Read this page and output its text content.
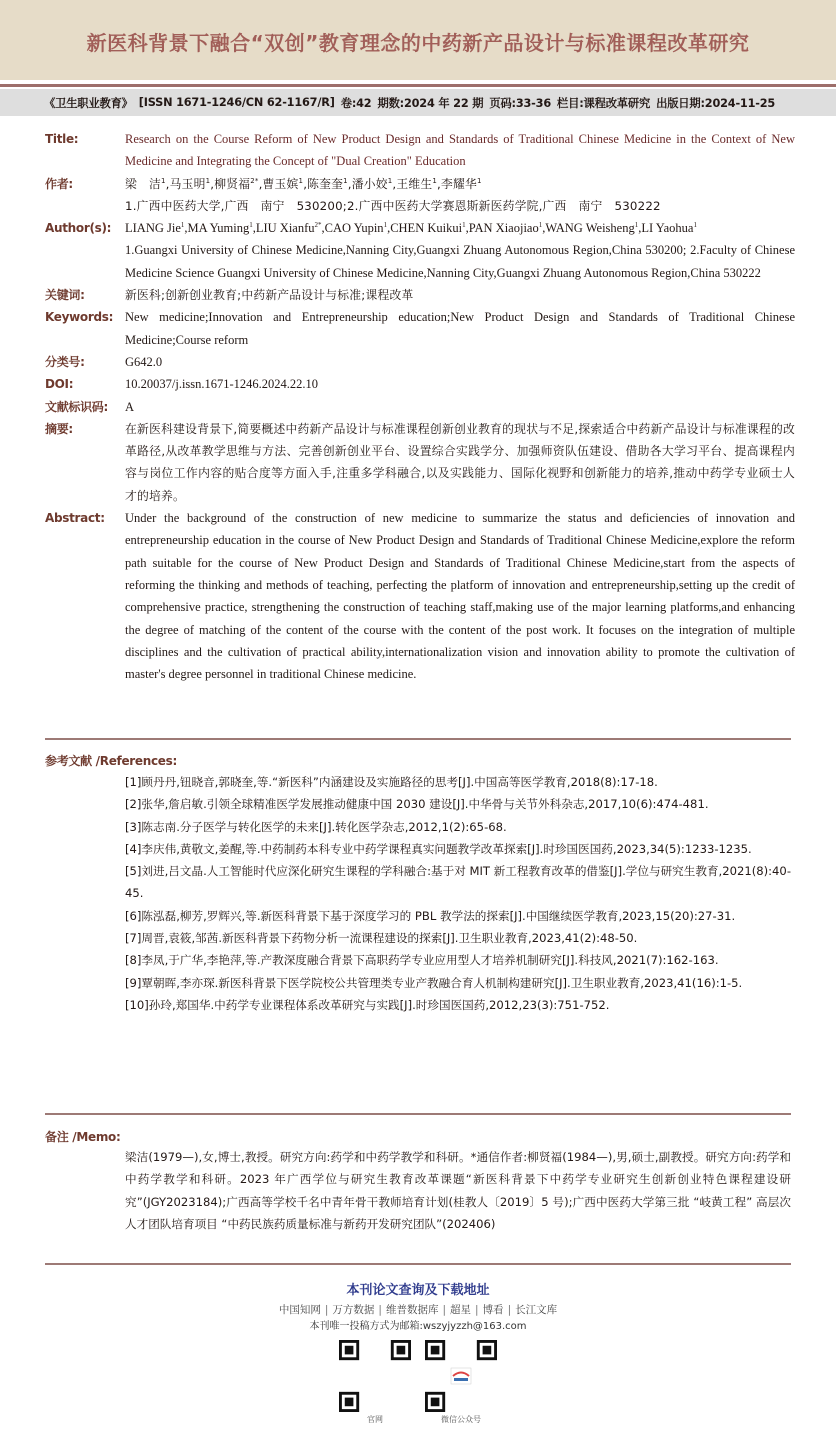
新医科背景下融合“双创”教育理念的中药新产品设计与标准课程改革研究
《卫生职业教育》 [ISSN 1671-1246/CN 62-1167/R] 卷:42 期数:2024 年 22 期 页码:33-36 栏目:课程改革研究 出版日期:2024-11-25
Title:	Research on the Course Reform of New Product Design and Standards of Traditional Chinese Medicine in the Context of New Medicine and Integrating the Concept of "Dual Creation" Education
作者:	梁　洁$^1$,马玉明$^1$,柳贤福$^{2*}$,曹玉嫔$^1$,陈奎奎$^1$,潘小姣$^1$,王维生$^1$,李耀华$^1$

1.广西中医药大学,广西　南宁　530200;2.广西中医药大学赛恩斯新医药学院,广西　南宁　530222

Author(s):	LIANG Jie$^1$,MA Yuming$^1$,LIU Xianfu$^{2*}$,CAO Yupin$^1$,CHEN Kuikui$^1$,PAN Xiaojiao$^1$,WANG Weisheng$^1$,LI Yaohua$^1$

1.Guangxi University of Chinese Medicine,Nanning City,Guangxi Zhuang Autonomous Region,China 530200; 2.Faculty of Chinese Medicine Science Guangxi University of Chinese Medicine,Nanning City,Guangxi Zhuang Autonomous Region,China 530222

关键词:	新医科;创新创业教育;中药新产品设计与标准;课程改革
Keywords: New medicine;Innovation and Entrepreneurship education;New Product Design and Standards of Traditional Chinese Medicine;Course reform
分类号:	G642.0
DOI:	10.20037/j.issn.1671-1246.2024.22.10
文献标识码:	A
摘要:	在新医科建设背景下,简要概述中药新产品设计与标准课程创新创业教育的现状与不足,探索适合中药新产品设计与标准课程的改革路径,从改革教学思维与方法、完善创新创业平台、设置综合实践学分、加强师资队伍建设、借助各大学习平台、提高课程内容与岗位工作内容的贴合度等方面入手,注重多学科融合,以及实践能力、国际化视野和创新能力的培养,推动中药学专业硕士人才的培养。
Abstract:	Under the background of the construction of new medicine to summarize the status and deficiencies of innovation and entrepreneurship education in the course of New Product Design and Standards of Traditional Chinese Medicine,explore the reform path suitable for the course of New Product Design and Standards of Traditional Chinese Medicine,start from the aspects of reforming the thinking and methods of teaching, perfecting the platform of innovation and entrepreneurship,setting up the credit of comprehensive practice, strengthening the construction of teaching staff,making use of the major learning platforms,and enhancing the degree of matching of the content of the course with the content of the post work. It focuses on the integration of multiple disciplines and the cultivation of practical ability,internationalization vision and innovation ability to promote the cultivation of master's degree personnel in traditional Chinese medicine.
参考文献 /References:

[1]顾丹丹,钮晓音,郭晓奎,等.“新医科”内涵建设及实施路径的思考[J].中国高等医学教育,2018(8):17-18.

[2]张华,詹启敏.引领全球精准医学发展推动健康中国 2030 建设[J].中华骨与关节外科杂志,2017,10(6):474-481.

[3]陈志南.分子医学与转化医学的未来[J].转化医学杂志,2012,1(2):65-68.

[4]李庆伟,黄敬文,姜醒,等.中药制药本科专业中药学课程真实问题教学改革探索[J].时珍国医国药,2023,34(5):1233-1235.

[5]刘进,吕文晶.人工智能时代应深化研究生课程的学科融合:基于对 MIT 新工程教育改革的借鉴[J].学位与研究生教育,2021(8):40-45.

[6]陈泓磊,柳芳,罗辉兴,等.新医科背景下基于深度学习的 PBL 教学法的探索[J].中国继续医学教育,2023,15(20):27-31.

[7]周晋,袁筱,邹茜.新医科背景下药物分析一流课程建设的探索[J].卫生职业教育,2023,41(2):48-50.

[8]李凤,于广华,李艳萍,等.产教深度融合背景下高职药学专业应用型人才培养机制研究[J].科技风,2021(7):162-163.

[9]覃朝晖,李亦琛.新医科背景下医学院校公共管理类专业产教融合育人机制构建研究[J].卫生职业教育,2023,41(16):1-5.

[10]孙玲,郑国华.中药学专业课程体系改革研究与实践[J].时珍国医国药,2012,23(3):751-752.

备注 /Memo:
梁洁(1979—),女,博士,教授。研究方向:药学和中药学教学和科研。*通信作者:柳贤福(1984—),男,硕士,副教授。研究方向:药学和中药学教学和科研。2023 年广西学位与研究生教育改革课题“新医科背景下中药学专业研究生创新创业特色课程建设研究”(JGY2023184);广西高等学校千名中青年骨干教师培育计划(桂教人〔2019〕5 号);广西中医药大学第三批 “岐黄工程” 高层次人才团队培育项目 “中药民族药质量标准与新药开发研究团队”(202406)
本刊论文查询及下载地址
中国知网 | 万方数据 | 维普数据库 | 超星 | 博看 | 长江文库
本刊唯一投稿方式为邮箱:wszyjyzzh@163.com
官网	微信公众号
